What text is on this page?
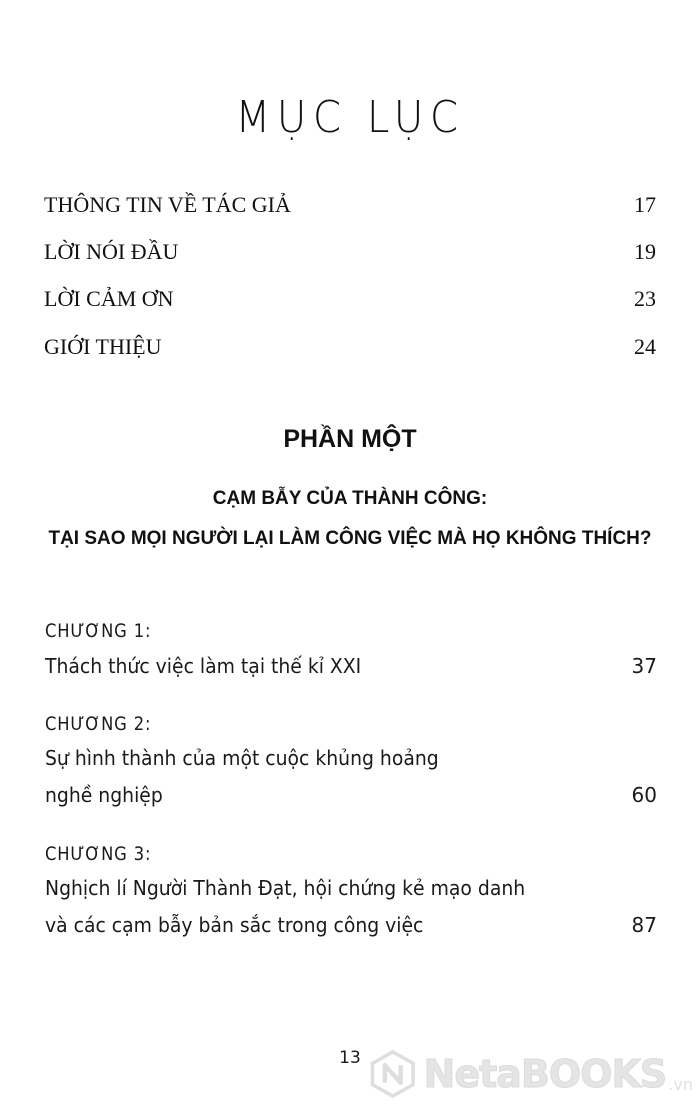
MỤC LỤC
THÔNG TIN VỀ TÁC GIẢ	17
LỜI NÓI ĐẦU	19
LỜI CẢM ƠN	23
GIỚI THIỆU	24
PHẦN MỘT
CẠM BẪY CỦA THÀNH CÔNG:
TẠI SAO MỌI NGƯỜI LẠI LÀM CÔNG VIỆC MÀ HỌ KHÔNG THÍCH?
CHƯƠNG 1:
Thách thức việc làm tại thế kỉ XXI	37
CHƯƠNG 2:
Sự hình thành của một cuộc khủng hoảng
nghề nghiệp	60
CHƯƠNG 3:
Nghịch lí Người Thành Đạt, hội chứng kẻ mạo danh
và các cạm bẫy bản sắc trong công việc	87
13	NetaBOOKS .vn
